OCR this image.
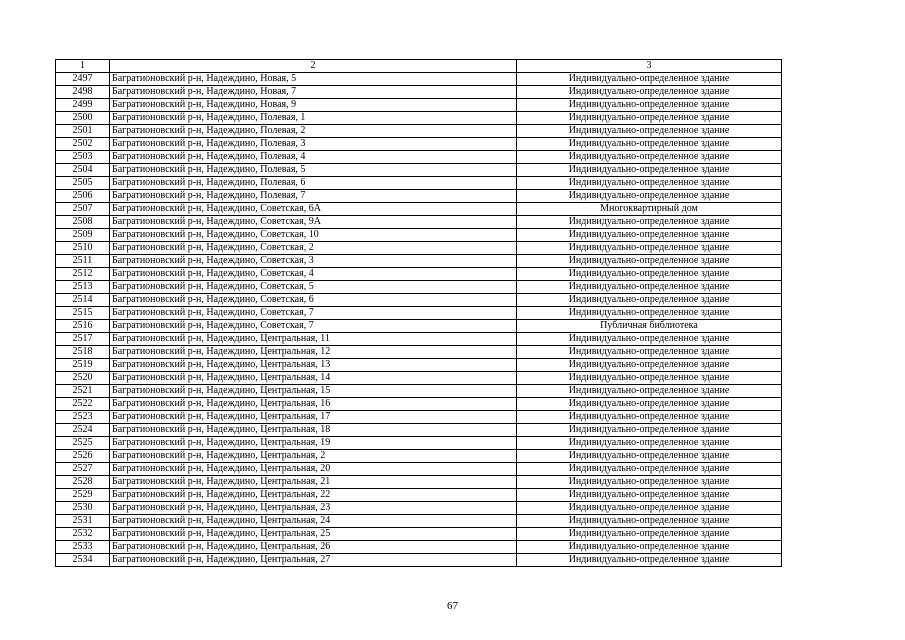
1	2	3
2497	Багратионовский р-н, Надеждино, Новая, 5	Индивидуально-определенное здание
2498	Багратионовский р-н, Надеждино, Новая, 7	Индивидуально-определенное здание
2499	Багратионовский р-н, Надеждино, Новая, 9	Индивидуально-определенное здание
2500	Багратионовский р-н, Надеждино, Полевая, 1	Индивидуально-определенное здание
2501	Багратионовский р-н, Надеждино, Полевая, 2	Индивидуально-определенное здание
2502	Багратионовский р-н, Надеждино, Полевая, 3	Индивидуально-определенное здание
2503	Багратионовский р-н, Надеждино, Полевая, 4	Индивидуально-определенное здание
2504	Багратионовский р-н, Надеждино, Полевая, 5	Индивидуально-определенное здание
2505	Багратионовский р-н, Надеждино, Полевая, 6	Индивидуально-определенное здание
2506	Багратионовский р-н, Надеждино, Полевая, 7	Индивидуально-определенное здание
2507	Багратионовский р-н, Надеждино, Советская, 6А	Многоквартирный дом
2508	Багратионовский р-н, Надеждино, Советская, 9А	Индивидуально-определенное здание
2509	Багратионовский р-н, Надеждино, Советская, 10	Индивидуально-определенное здание
2510	Багратионовский р-н, Надеждино, Советская, 2	Индивидуально-определенное здание
2511	Багратионовский р-н, Надеждино, Советская, 3	Индивидуально-определенное здание
2512	Багратионовский р-н, Надеждино, Советская, 4	Индивидуально-определенное здание
2513	Багратионовский р-н, Надеждино, Советская, 5	Индивидуально-определенное здание
2514	Багратионовский р-н, Надеждино, Советская, 6	Индивидуально-определенное здание
2515	Багратионовский р-н, Надеждино, Советская, 7	Индивидуально-определенное здание
2516	Багратионовский р-н, Надеждино, Советская, 7	Публичная библиотека
2517	Багратионовский р-н, Надеждино, Центральная, 11	Индивидуально-определенное здание
2518	Багратионовский р-н, Надеждино, Центральная, 12	Индивидуально-определенное здание
2519	Багратионовский р-н, Надеждино, Центральная, 13	Индивидуально-определенное здание
2520	Багратионовский р-н, Надеждино, Центральная, 14	Индивидуально-определенное здание
2521	Багратионовский р-н, Надеждино, Центральная, 15	Индивидуально-определенное здание
2522	Багратионовский р-н, Надеждино, Центральная, 16	Индивидуально-определенное здание
2523	Багратионовский р-н, Надеждино, Центральная, 17	Индивидуально-определенное здание
2524	Багратионовский р-н, Надеждино, Центральная, 18	Индивидуально-определенное здание
2525	Багратионовский р-н, Надеждино, Центральная, 19	Индивидуально-определенное здание
2526	Багратионовский р-н, Надеждино, Центральная, 2	Индивидуально-определенное здание
2527	Багратионовский р-н, Надеждино, Центральная, 20	Индивидуально-определенное здание
2528	Багратионовский р-н, Надеждино, Центральная, 21	Индивидуально-определенное здание
2529	Багратионовский р-н, Надеждино, Центральная, 22	Индивидуально-определенное здание
2530	Багратионовский р-н, Надеждино, Центральная, 23	Индивидуально-определенное здание
2531	Багратионовский р-н, Надеждино, Центральная, 24	Индивидуально-определенное здание
2532	Багратионовский р-н, Надеждино, Центральная, 25	Индивидуально-определенное здание
2533	Багратионовский р-н, Надеждино, Центральная, 26	Индивидуально-определенное здание
2534	Багратионовский р-н, Надеждино, Центральная, 27	Индивидуально-определенное здание
67
